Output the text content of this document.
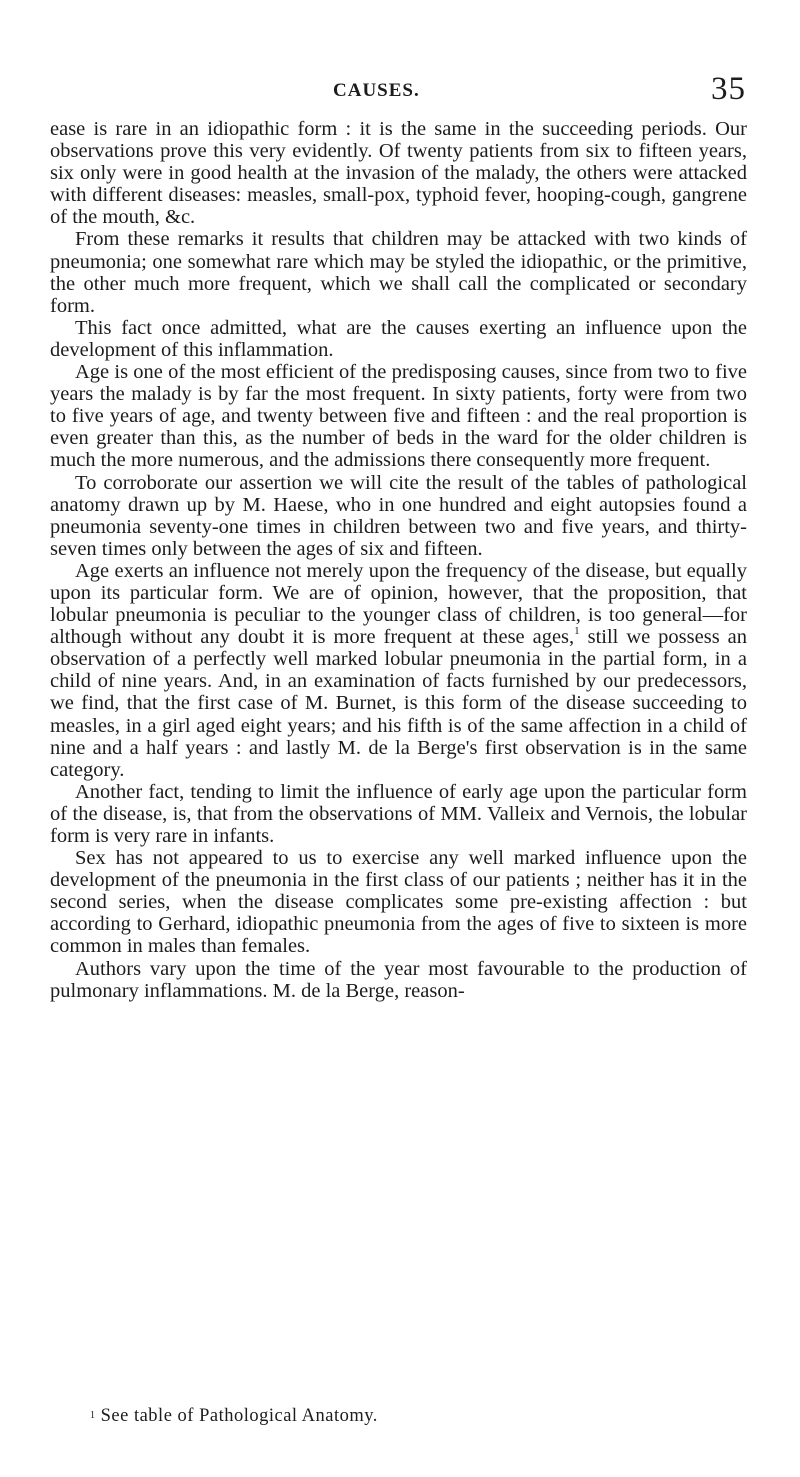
CAUSES.	35

ease is rare in an idiopathic form : it is the same in the succeeding periods. Our observations prove this very evidently. Of twenty patients from six to fifteen years, six only were in good health at the invasion of the malady, the others were attacked with different diseases: measles, small-pox, typhoid fever, hooping-cough, gangrene of the mouth, &c.

From these remarks it results that children may be attacked with two kinds of pneumonia; one somewhat rare which may be styled the idiopathic, or the primitive, the other much more frequent, which we shall call the complicated or secondary form.

This fact once admitted, what are the causes exerting an influence upon the development of this inflammation.

Age is one of the most efficient of the predisposing causes, since from two to five years the malady is by far the most frequent. In sixty patients, forty were from two to five years of age, and twenty between five and fifteen : and the real proportion is even greater than this, as the number of beds in the ward for the older children is much the more numerous, and the admissions there consequently more frequent.

To corroborate our assertion we will cite the result of the tables of pathological anatomy drawn up by M. Haese, who in one hundred and eight autopsies found a pneumonia seventy-one times in children between two and five years, and thirty-seven times only between the ages of six and fifteen.

Age exerts an influence not merely upon the frequency of the disease, but equally upon its particular form. We are of opinion, however, that the proposition, that lobular pneumonia is peculiar to the younger class of children, is too general—for although without any doubt it is more frequent at these ages,$^1$ still we possess an observation of a perfectly well marked lobular pneumonia in the partial form, in a child of nine years. And, in an examination of facts furnished by our predecessors, we find, that the first case of M. Burnet, is this form of the disease succeeding to measles, in a girl aged eight years; and his fifth is of the same affection in a child of nine and a half years : and lastly M. de la Berge's first observation is in the same category.

Another fact, tending to limit the influence of early age upon the particular form of the disease, is, that from the observations of MM. Valleix and Vernois, the lobular form is very rare in infants.

Sex has not appeared to us to exercise any well marked influence upon the development of the pneumonia in the first class of our patients ; neither has it in the second series, when the disease complicates some pre-existing affection : but according to Gerhard, idiopathic pneumonia from the ages of five to sixteen is more common in males than females.

Authors vary upon the time of the year most favourable to the production of pulmonary inflammations. M. de la Berge, reason-

$^1$ See table of Pathological Anatomy.
